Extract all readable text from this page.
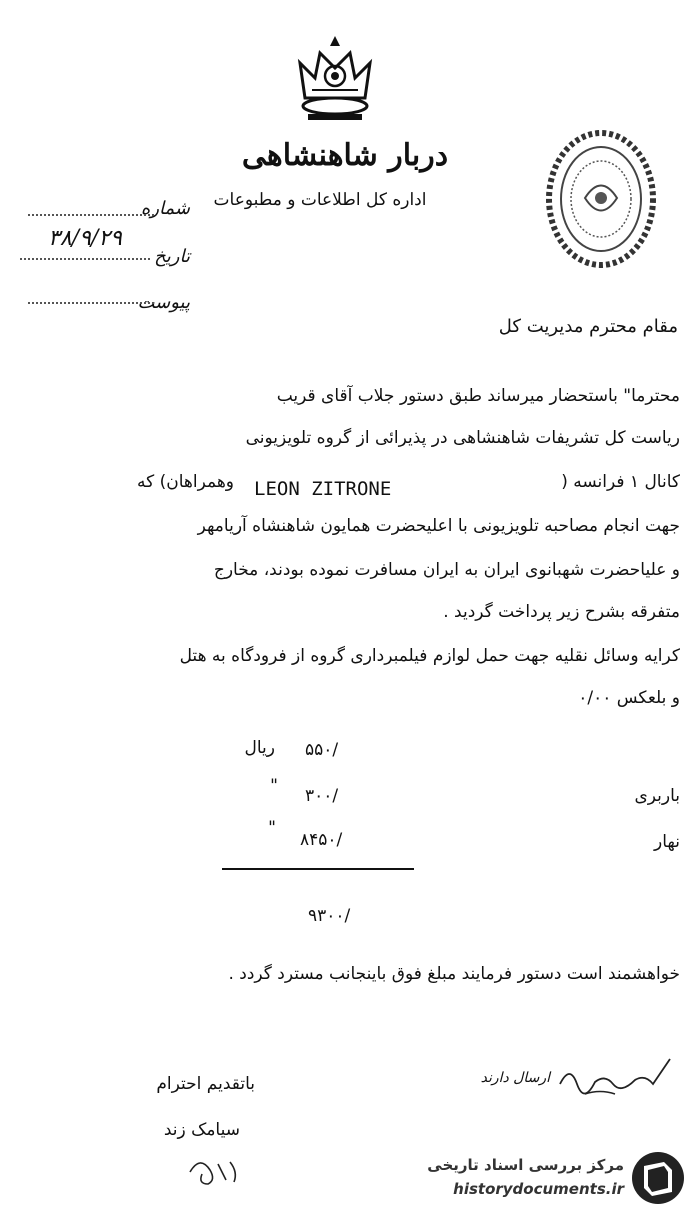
دربار شاهنشاهی
اداره کل اطلاعات و مطبوعات
شماره
تاریخ
۳۸/۹/۲۹
پیوست
مقام محترم مدیریت کل
محترما" باستحضار میرساند طبق دستور جلاب آقای قریب
ریاست کل تشریفات شاهنشاهی در پذیرائی از گروه تلویزیونی
کانال ۱ فرانسه (
LEON ZITRONE
وهمراهان) که
جهت انجام مصاحبه تلویزیونی با اعلیحضرت همایون شاهنشاه آریامهر
و علیاحضرت شهبانوی ایران به ایران مسافرت نموده بودند، مخارج
متفرقه بشرح زیر پرداخت گردید .
کرایه وسائل نقلیه جهت حمل لوازم فیلمبرداری گروه از فرودگاه به هتل
و بلعکس ۰/۰۰
۵۵۰/
ریال
باربری
۳۰۰/
"
نهار
۸۴۵۰/
"
۹۳۰۰/
خواهشمند است دستور فرمایند مبلغ فوق باینجانب مسترد گردد .
ارسال دارند
باتقدیم احترام
سیامک زند
مرکز بررسی اسناد تاریخی
historydocuments.ir
